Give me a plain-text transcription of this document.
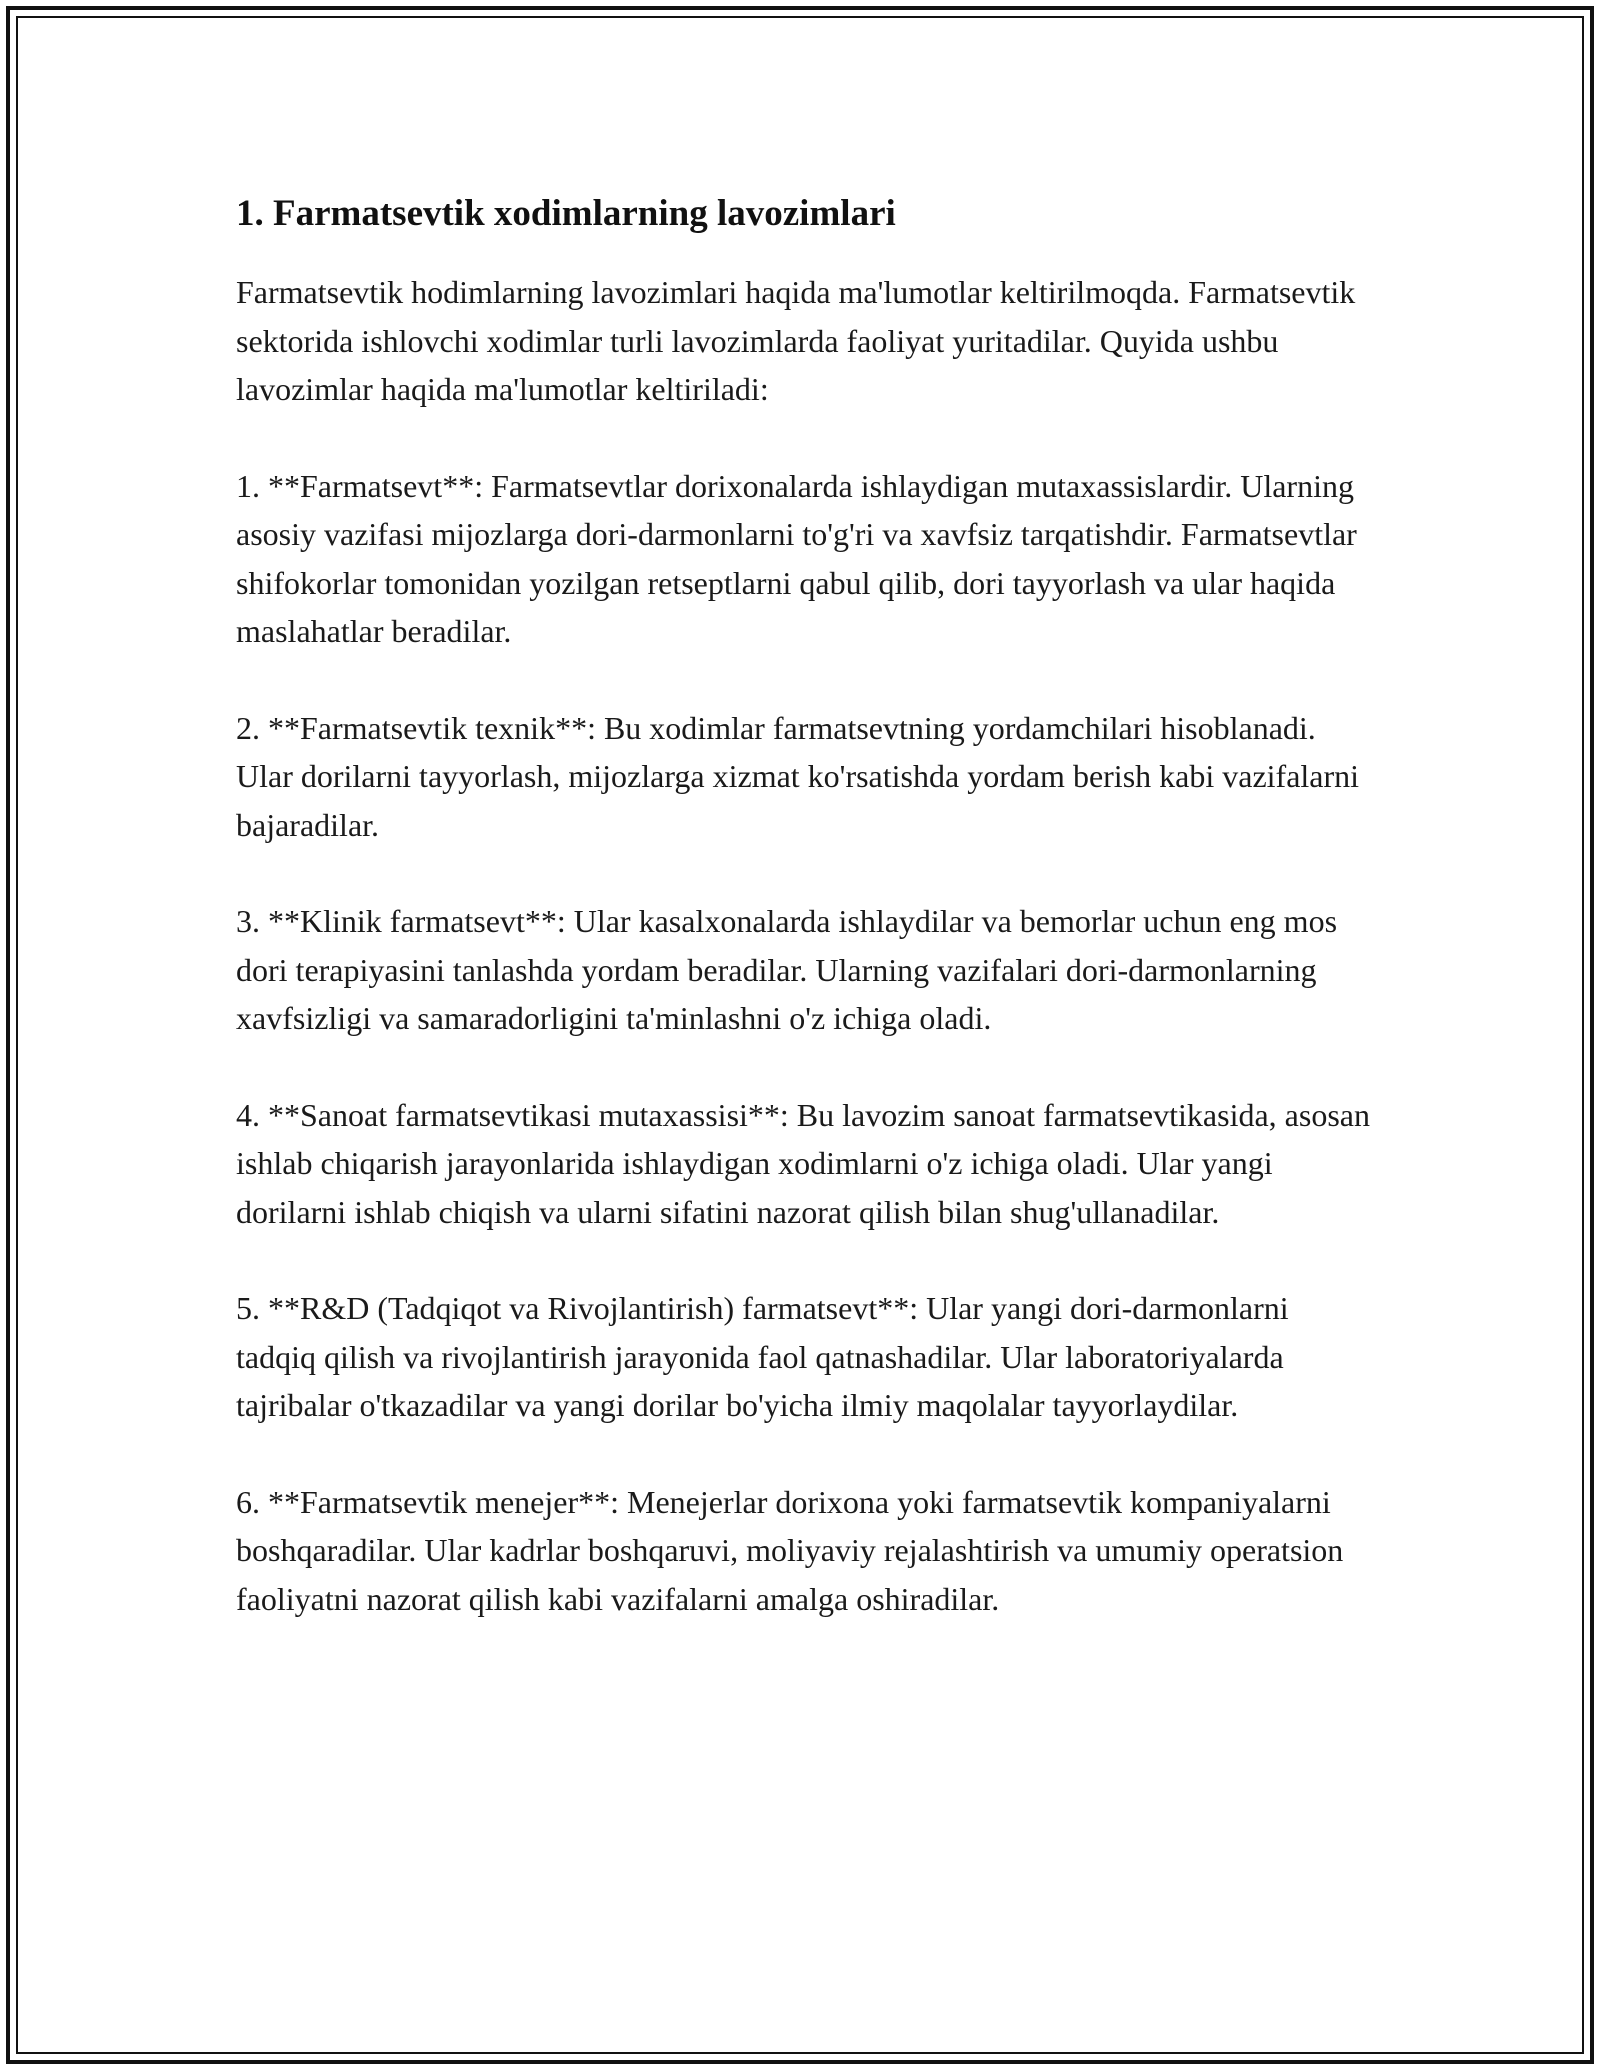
1. Farmatsevtik xodimlarning lavozimlari

Farmatsevtik hodimlarning lavozimlari haqida ma'lumotlar keltirilmoqda. Farmatsevtik sektorida ishlovchi xodimlar turli lavozimlarda faoliyat yuritadilar. Quyida ushbu lavozimlar haqida ma'lumotlar keltiriladi:

1. **Farmatsevt**: Farmatsevtlar dorixonalarda ishlaydigan mutaxassislardir. Ularning asosiy vazifasi mijozlarga dori-darmonlarni to'g'ri va xavfsiz tarqatishdir. Farmatsevtlar shifokorlar tomonidan yozilgan retseptlarni qabul qilib, dori tayyorlash va ular haqida maslahatlar beradilar.

2. **Farmatsevtik texnik**: Bu xodimlar farmatsevtning yordamchilari hisoblanadi. Ular dorilarni tayyorlash, mijozlarga xizmat ko'rsatishda yordam berish kabi vazifalarni bajaradilar.

3. **Klinik farmatsevt**: Ular kasalxonalarda ishlaydilar va bemorlar uchun eng mos dori terapiyasini tanlashda yordam beradilar. Ularning vazifalari dori-darmonlarning xavfsizligi va samaradorligini ta'minlashni o'z ichiga oladi.

4. **Sanoat farmatsevtikasi mutaxassisi**: Bu lavozim sanoat farmatsevtikasida, asosan ishlab chiqarish jarayonlarida ishlaydigan xodimlarni o'z ichiga oladi. Ular yangi dorilarni ishlab chiqish va ularni sifatini nazorat qilish bilan shug'ullanadilar.

5. **R&D (Tadqiqot va Rivojlantirish) farmatsevt**: Ular yangi dori-darmonlarni tadqiq qilish va rivojlantirish jarayonida faol qatnashadilar. Ular laboratoriyalarda tajribalar o'tkazadilar va yangi dorilar bo'yicha ilmiy maqolalar tayyorlaydilar.

6. **Farmatsevtik menejer**: Menejerlar dorixona yoki farmatsevtik kompaniyalarni boshqaradilar. Ular kadrlar boshqaruvi, moliyaviy rejalashtirish va umumiy operatsion faoliyatni nazorat qilish kabi vazifalarni amalga oshiradilar.
